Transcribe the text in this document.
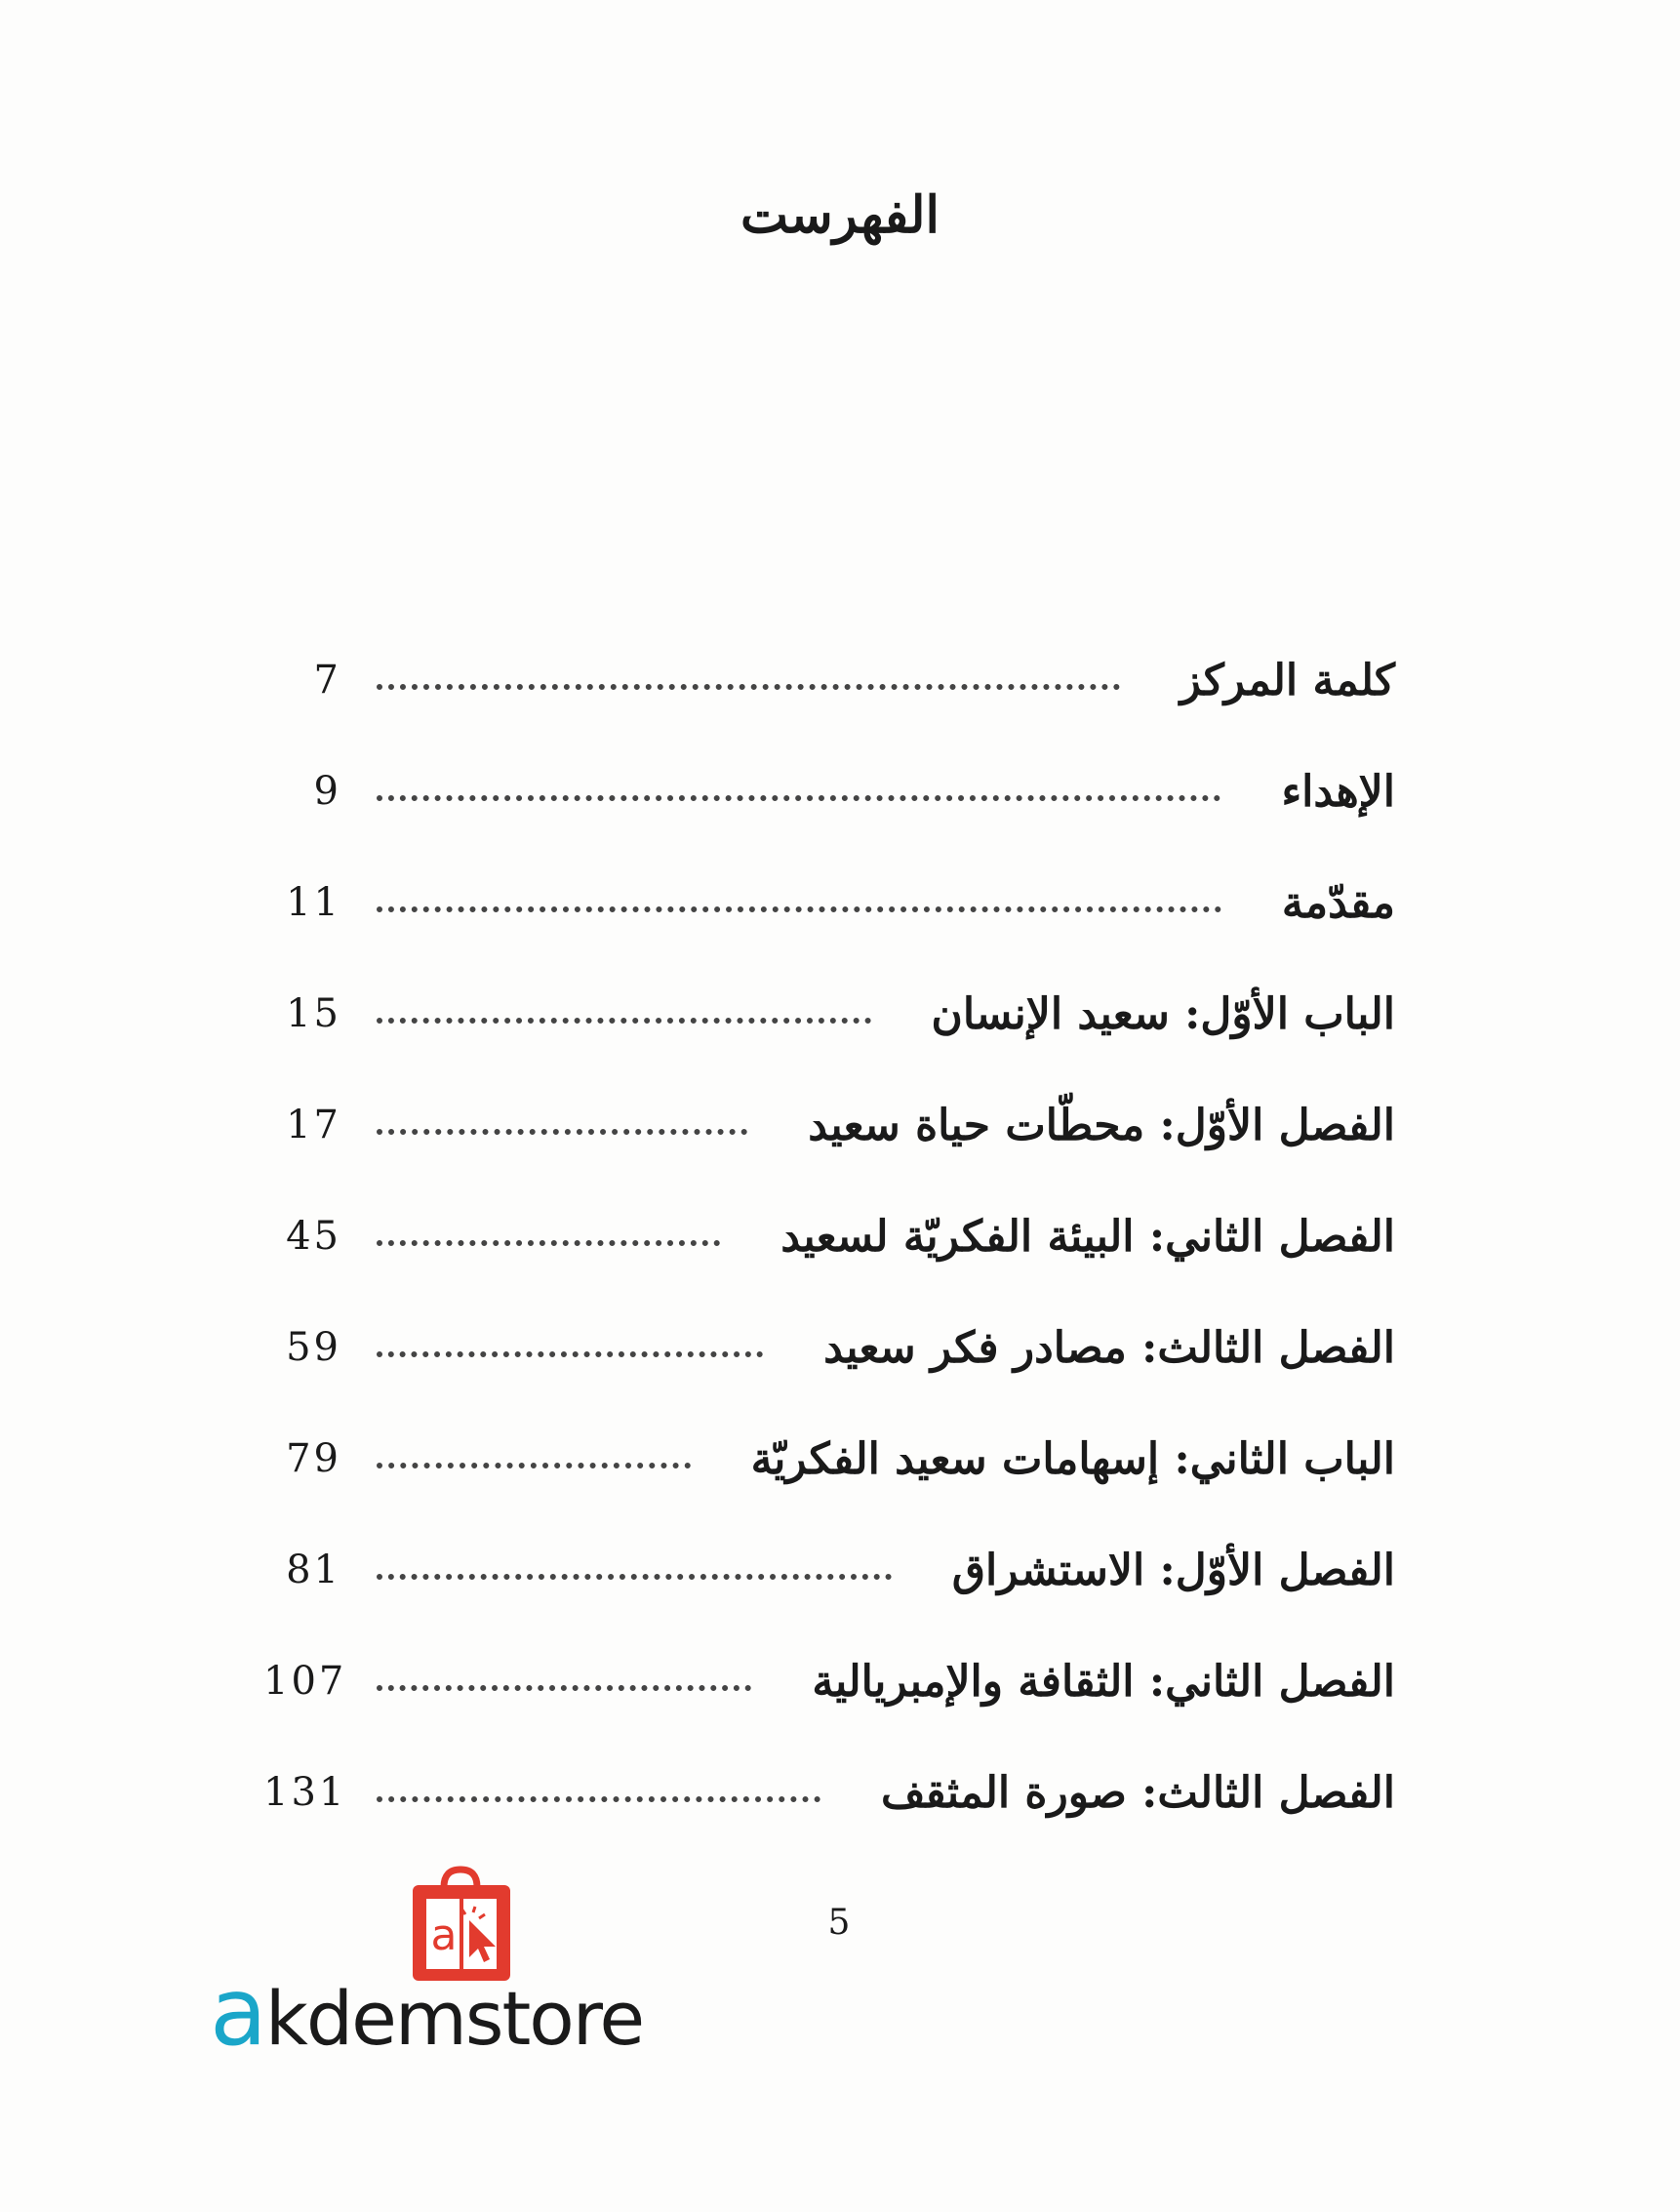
الفهرست
كلمة المركز
7
الإهداء
9
مقدّمة
11
الباب الأوّل: سعيد الإنسان
15
الفصل الأوّل: محطّات حياة سعيد
17
الفصل الثاني: البيئة الفكريّة لسعيد
45
الفصل الثالث: مصادر فكر سعيد
59
الباب الثاني: إسهامات سعيد الفكريّة
79
الفصل الأوّل: الاستشراق
81
الفصل الثاني: الثقافة والإمبريالية
107
الفصل الثالث: صورة المثقف
131
5
a
akdemstore
